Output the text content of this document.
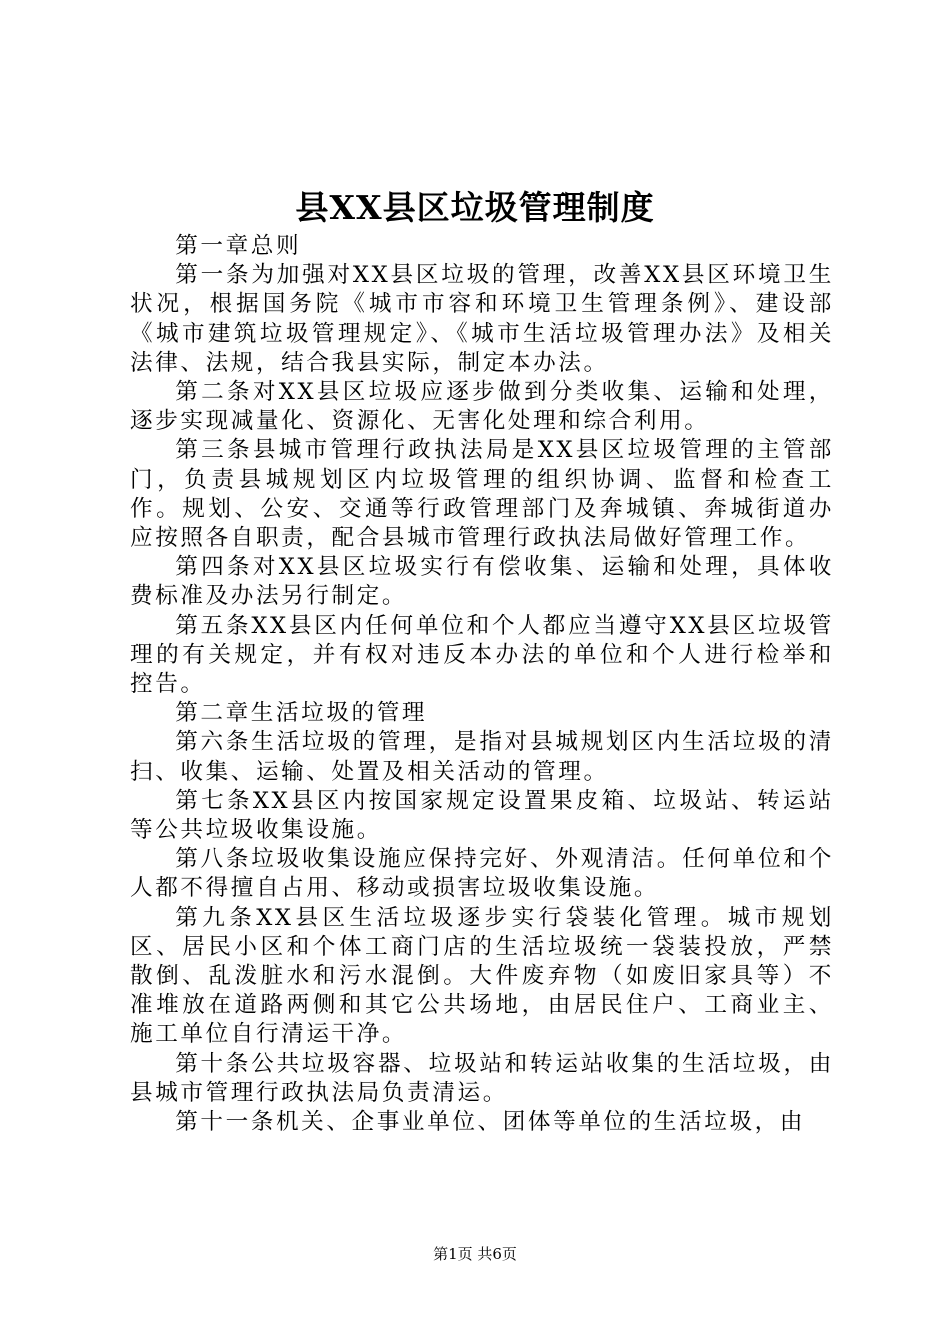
县XX县区垃圾管理制度

第一章总则

第一条为加强对XX县区垃圾的管理，改善XX县区环境卫生状况，根据国务院《城市市容和环境卫生管理条例》、建设部《城市建筑垃圾管理规定》、《城市生活垃圾管理办法》及相关法律、法规，结合我县实际，制定本办法。

第二条对XX县区垃圾应逐步做到分类收集、运输和处理，逐步实现减量化、资源化、无害化处理和综合利用。

第三条县城市管理行政执法局是XX县区垃圾管理的主管部门，负责县城规划区内垃圾管理的组织协调、监督和检查工作。规划、公安、交通等行政管理部门及奔城镇、奔城街道办应按照各自职责，配合县城市管理行政执法局做好管理工作。

第四条对XX县区垃圾实行有偿收集、运输和处理，具体收费标准及办法另行制定。

第五条XX县区内任何单位和个人都应当遵守XX县区垃圾管理的有关规定，并有权对违反本办法的单位和个人进行检举和控告。

第二章生活垃圾的管理

第六条生活垃圾的管理，是指对县城规划区内生活垃圾的清扫、收集、运输、处置及相关活动的管理。

第七条XX县区内按国家规定设置果皮箱、垃圾站、转运站等公共垃圾收集设施。

第八条垃圾收集设施应保持完好、外观清洁。任何单位和个人都不得擅自占用、移动或损害垃圾收集设施。

第九条XX县区生活垃圾逐步实行袋装化管理。城市规划区、居民小区和个体工商门店的生活垃圾统一袋装投放，严禁散倒、乱泼脏水和污水混倒。大件废弃物（如废旧家具等）不准堆放在道路两侧和其它公共场地，由居民住户、工商业主、施工单位自行清运干净。

第十条公共垃圾容器、垃圾站和转运站收集的生活垃圾，由县城市管理行政执法局负责清运。

第十一条机关、企事业单位、团体等单位的生活垃圾，由

第1页 共6页
